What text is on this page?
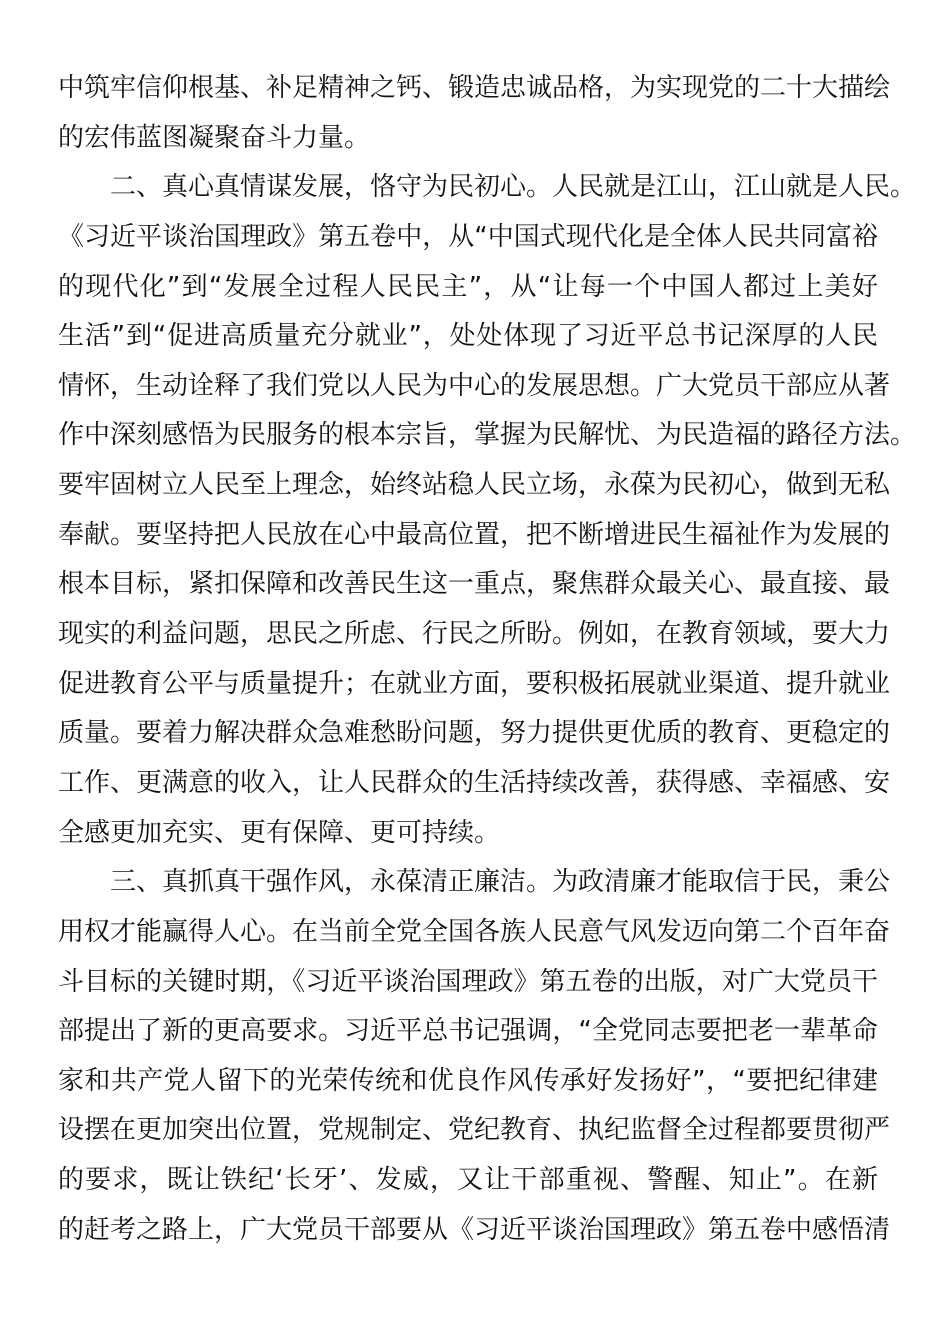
中筑牢信仰根基、补足精神之钙、锻造忠诚品格，为实现党的二十大描绘
的宏伟蓝图凝聚奋斗力量。
二、真心真情谋发展，恪守为民初心。人民就是江山，江山就是人民。
《习近平谈治国理政》第五卷中，从“中国式现代化是全体人民共同富裕
的现代化”到“发展全过程人民民主”，从“让每一个中国人都过上美好
生活”到“促进高质量充分就业”，处处体现了习近平总书记深厚的人民
情怀，生动诠释了我们党以人民为中心的发展思想。广大党员干部应从著
作中深刻感悟为民服务的根本宗旨，掌握为民解忧、为民造福的路径方法。
要牢固树立人民至上理念，始终站稳人民立场，永葆为民初心，做到无私
奉献。要坚持把人民放在心中最高位置，把不断增进民生福祉作为发展的
根本目标，紧扣保障和改善民生这一重点，聚焦群众最关心、最直接、最
现实的利益问题，思民之所虑、行民之所盼。例如，在教育领域，要大力
促进教育公平与质量提升；在就业方面，要积极拓展就业渠道、提升就业
质量。要着力解决群众急难愁盼问题，努力提供更优质的教育、更稳定的
工作、更满意的收入，让人民群众的生活持续改善，获得感、幸福感、安
全感更加充实、更有保障、更可持续。
三、真抓真干强作风，永葆清正廉洁。为政清廉才能取信于民，秉公
用权才能赢得人心。在当前全党全国各族人民意气风发迈向第二个百年奋
斗目标的关键时期，《习近平谈治国理政》第五卷的出版，对广大党员干
部提出了新的更高要求。习近平总书记强调，“全党同志要把老一辈革命
家和共产党人留下的光荣传统和优良作风传承好发扬好”，“要把纪律建
设摆在更加突出位置，党规制定、党纪教育、执纪监督全过程都要贯彻严
的要求，既让铁纪‘长牙’、发威，又让干部重视、警醒、知止”。在新
的赶考之路上，广大党员干部要从《习近平谈治国理政》第五卷中感悟清
